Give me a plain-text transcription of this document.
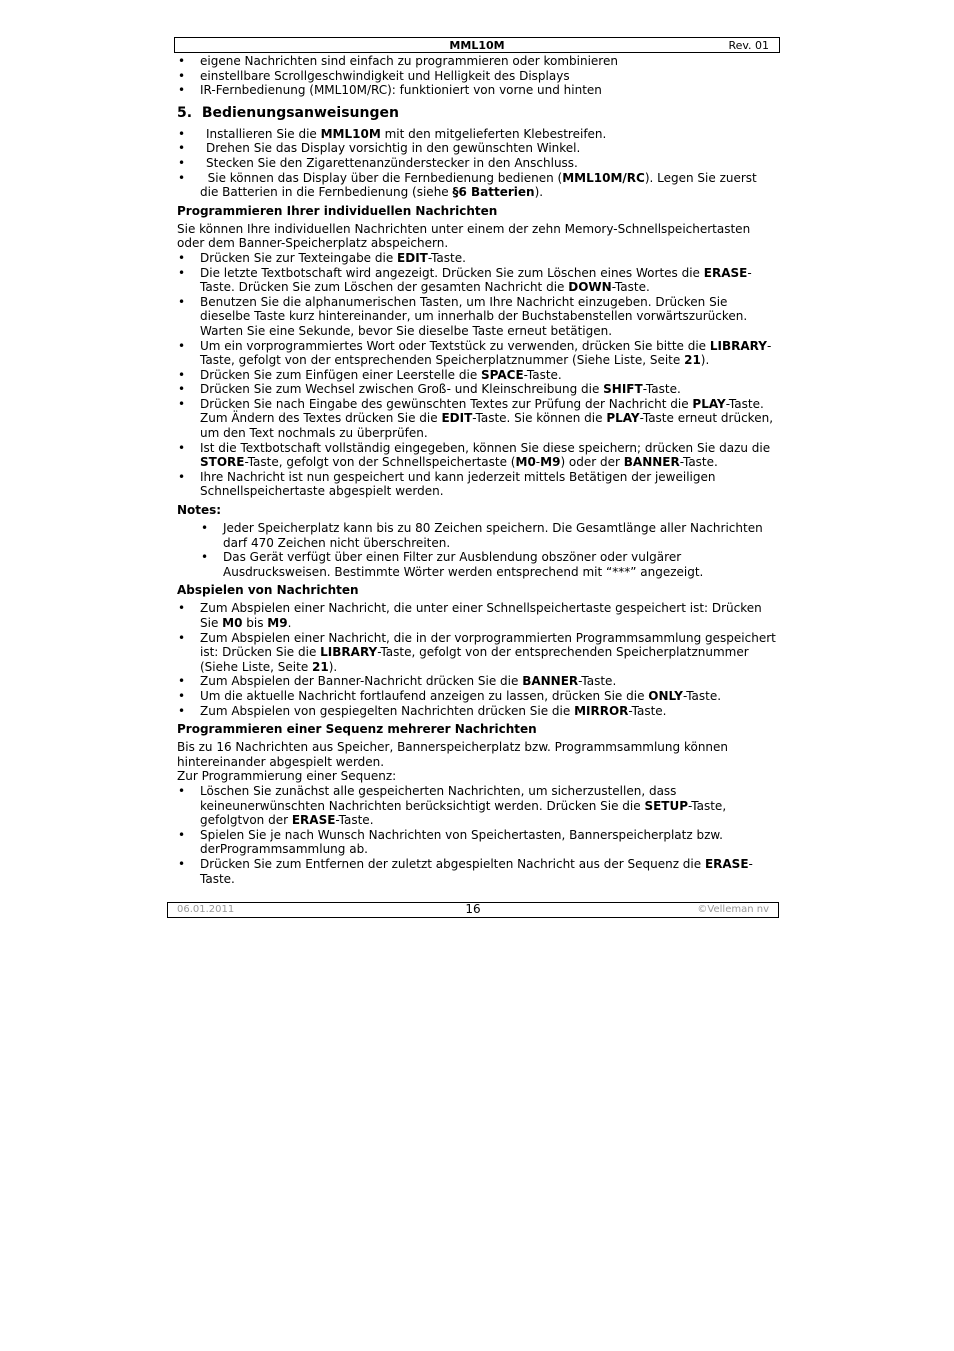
MML10M	Rev. 01
• eigene Nachrichten sind einfach zu programmieren oder kombinieren
• einstellbare Scrollgeschwindigkeit und Helligkeit des Displays
• IR-Fernbedienung (MML10M/RC): funktioniert von vorne und hinten
5. Bedienungsanweisungen
• Installieren Sie die MML10M mit den mitgelieferten Klebestreifen.
• Drehen Sie das Display vorsichtig in den gewünschten Winkel.
• Stecken Sie den Zigarettenanzünderstecker in den Anschluss.
• Sie können das Display über die Fernbedienung bedienen (MML10M/RC). Legen Sie zuerst die Batterien in die Fernbedienung (siehe §6 Batterien).
Programmieren Ihrer individuellen Nachrichten

Sie können Ihre individuellen Nachrichten unter einem der zehn Memory-Schnellspeichertasten oder dem Banner-Speicherplatz abspeichern.

• Drücken Sie zur Texteingabe die EDIT-Taste.
• Die letzte Textbotschaft wird angezeigt. Drücken Sie zum Löschen eines Wortes die ERASE-Taste. Drücken Sie zum Löschen der gesamten Nachricht die DOWN-Taste.
• Benutzen Sie die alphanumerischen Tasten, um Ihre Nachricht einzugeben. Drücken Sie dieselbe Taste kurz hintereinander, um innerhalb der Buchstabenstellen vorwärtszurücken. Warten Sie eine Sekunde, bevor Sie dieselbe Taste erneut betätigen.
• Um ein vorprogrammiertes Wort oder Textstück zu verwenden, drücken Sie bitte die LIBRARY-Taste, gefolgt von der entsprechenden Speicherplatznummer (Siehe Liste, Seite 21).
• Drücken Sie zum Einfügen einer Leerstelle die SPACE-Taste.
• Drücken Sie zum Wechsel zwischen Groß- und Kleinschreibung die SHIFT-Taste.
• Drücken Sie nach Eingabe des gewünschten Textes zur Prüfung der Nachricht die PLAY-Taste. Zum Ändern des Textes drücken Sie die EDIT-Taste. Sie können die PLAY-Taste erneut drücken, um den Text nochmals zu überprüfen.
• Ist die Textbotschaft vollständig eingegeben, können Sie diese speichern; drücken Sie dazu die STORE-Taste, gefolgt von der Schnellspeichertaste (M0-M9) oder der BANNER-Taste.
• Ihre Nachricht ist nun gespeichert und kann jederzeit mittels Betätigen der jeweiligen Schnellspeichertaste abgespielt werden.
Notes:
• Jeder Speicherplatz kann bis zu 80 Zeichen speichern. Die Gesamtlänge aller Nachrichten darf 470 Zeichen nicht überschreiten.
• Das Gerät verfügt über einen Filter zur Ausblendung obszöner oder vulgärer Ausdrucksweisen. Bestimmte Wörter werden entsprechend mit “***” angezeigt.
Abspielen von Nachrichten
• Zum Abspielen einer Nachricht, die unter einer Schnellspeichertaste gespeichert ist: Drücken Sie M0 bis M9.
• Zum Abspielen einer Nachricht, die in der vorprogrammierten Programmsammlung gespeichert ist: Drücken Sie die LIBRARY-Taste, gefolgt von der entsprechenden Speicherplatznummer (Siehe Liste, Seite 21).
• Zum Abspielen der Banner-Nachricht drücken Sie die BANNER-Taste.
• Um die aktuelle Nachricht fortlaufend anzeigen zu lassen, drücken Sie die ONLY-Taste.
• Zum Abspielen von gespiegelten Nachrichten drücken Sie die MIRROR-Taste.
Programmieren einer Sequenz mehrerer Nachrichten

Bis zu 16 Nachrichten aus Speicher, Bannerspeicherplatz bzw. Programmsammlung können hintereinander abgespielt werden.

Zur Programmierung einer Sequenz:

• Löschen Sie zunächst alle gespeicherten Nachrichten, um sicherzustellen, dass keineunerwünschten Nachrichten berücksichtigt werden. Drücken Sie die SETUP-Taste, gefolgtvon der ERASE-Taste.
• Spielen Sie je nach Wunsch Nachrichten von Speichertasten, Bannerspeicherplatz bzw. derProgrammsammlung ab.
• Drücken Sie zum Entfernen der zuletzt abgespielten Nachricht aus der Sequenz die ERASE-Taste.
06.01.2011	16	©Velleman nv
